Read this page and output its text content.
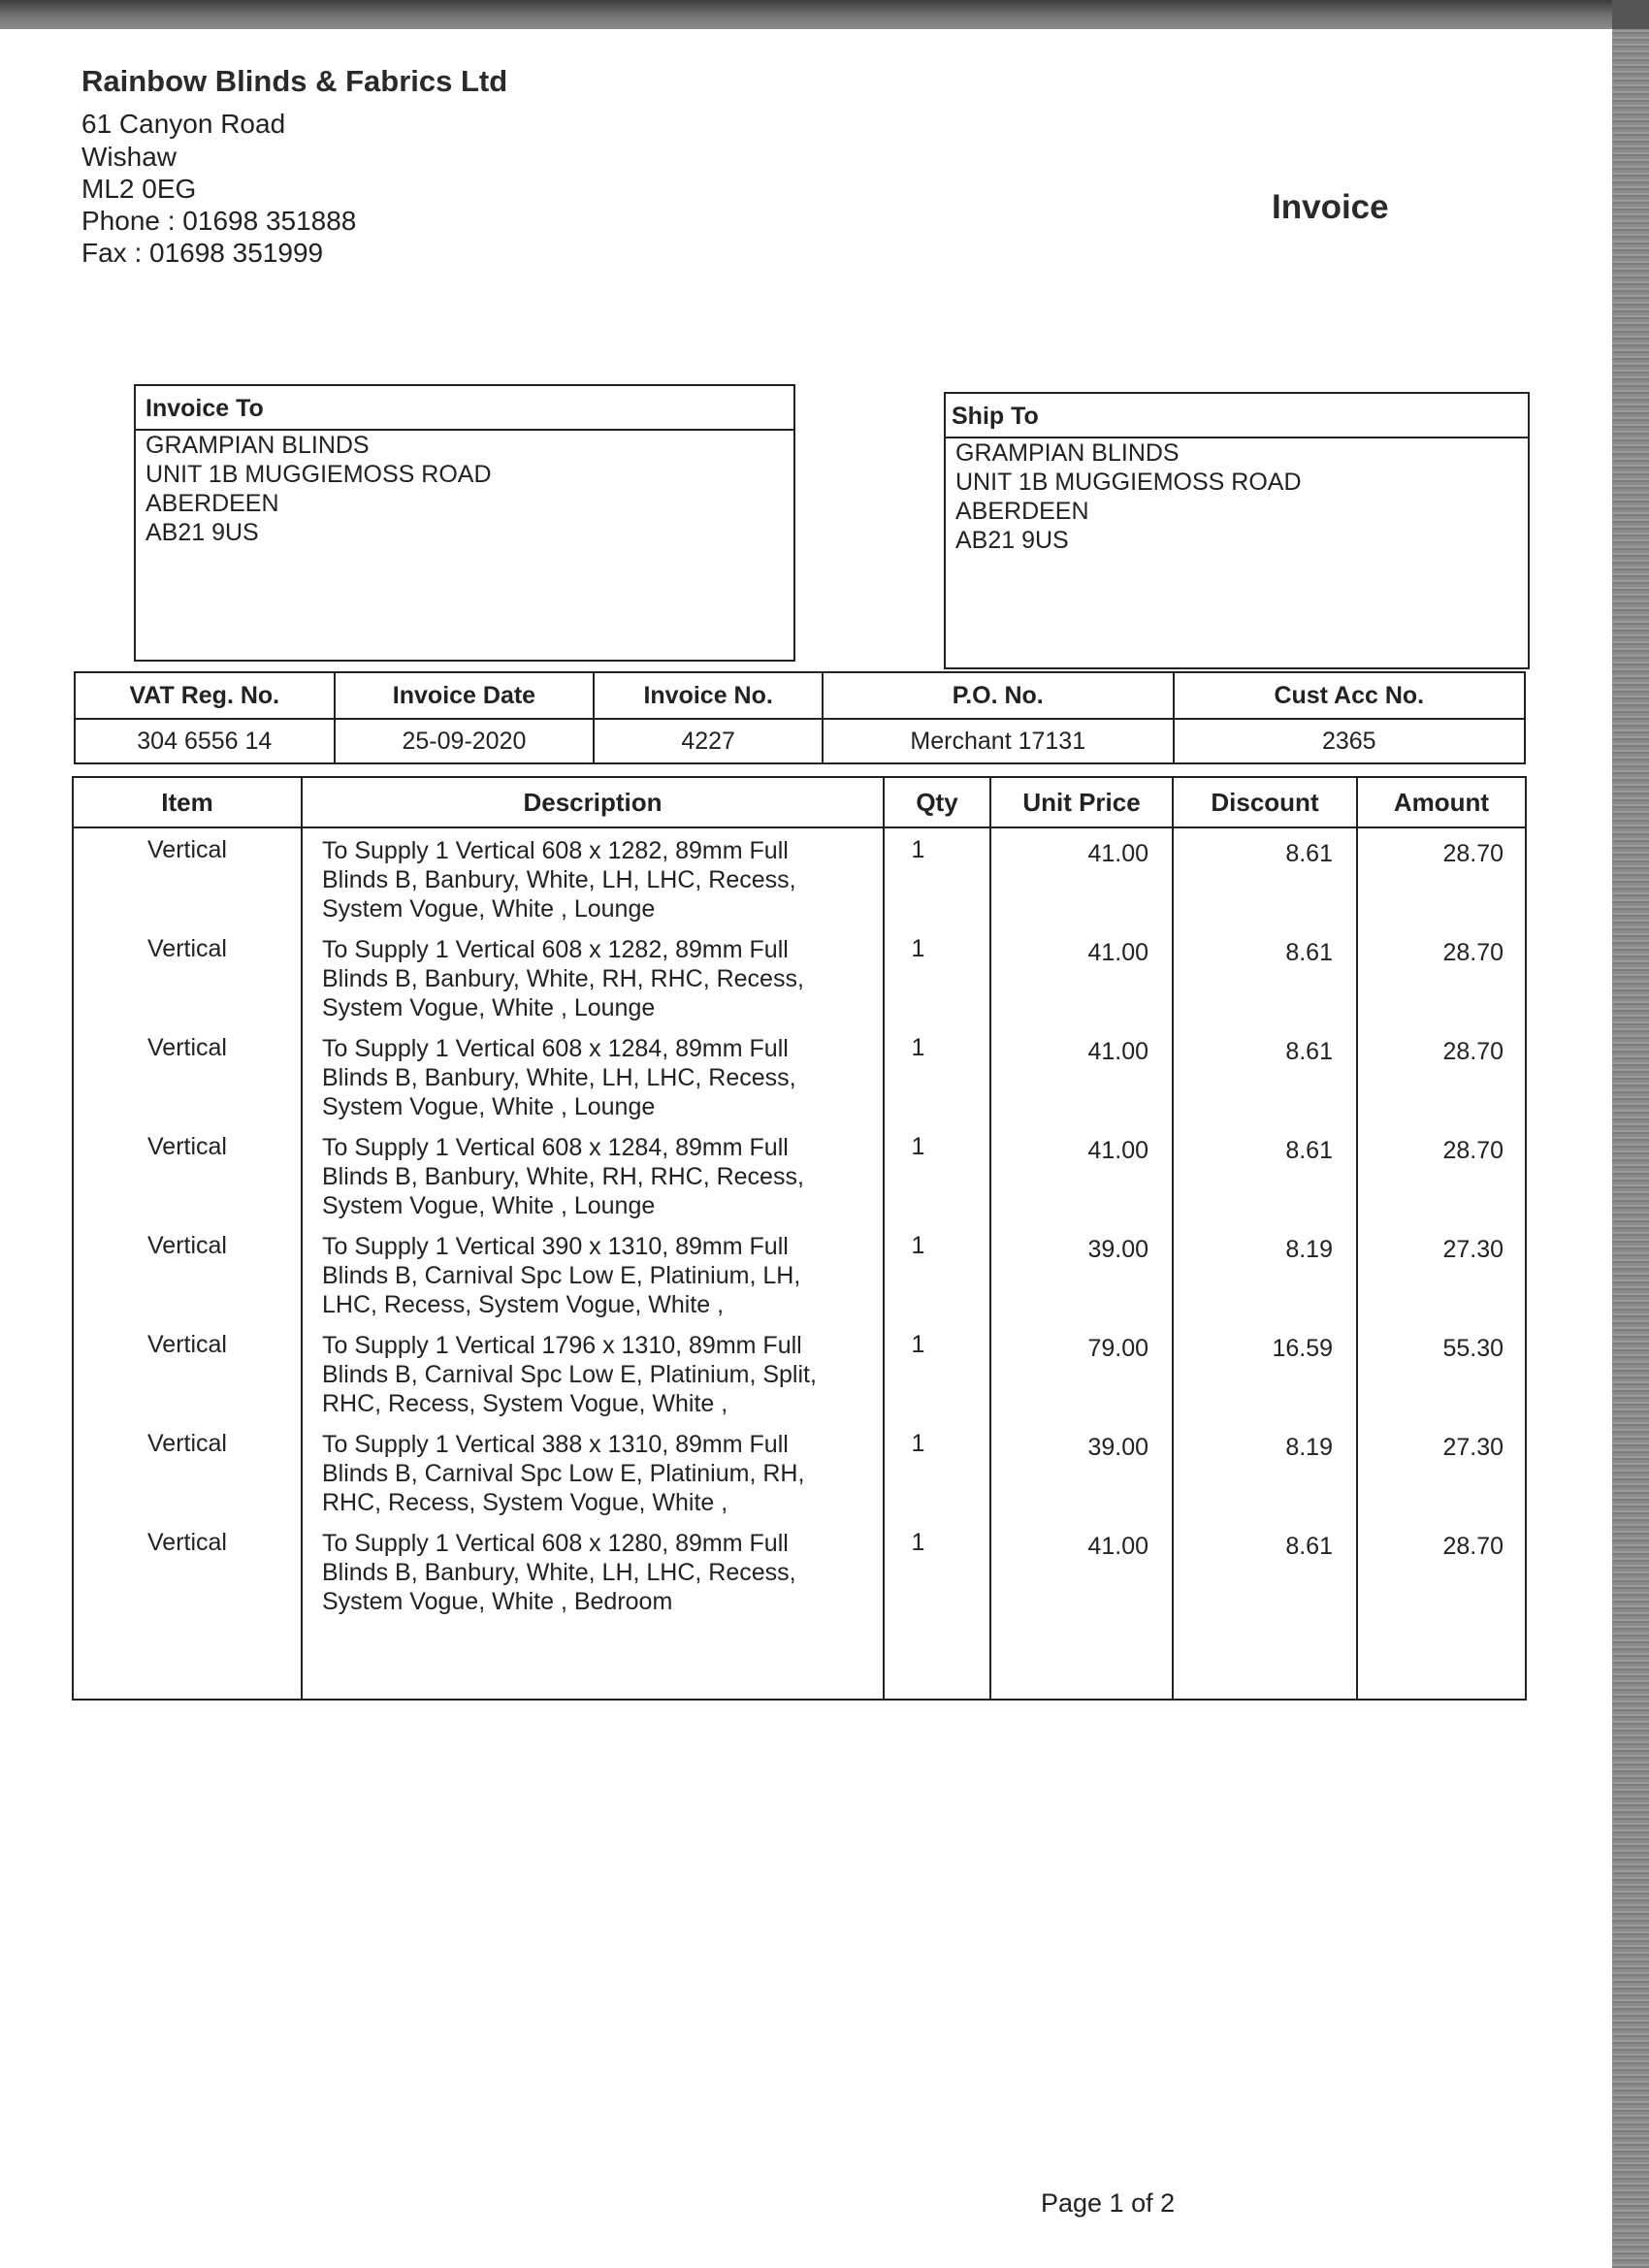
Rainbow Blinds & Fabrics Ltd
61 Canyon Road
Wishaw
ML2 0EG
Phone : 01698 351888
Fax : 01698 351999
Invoice
Invoice To
GRAMPIAN BLINDS
UNIT 1B MUGGIEMOSS ROAD
ABERDEEN
AB21 9US
Ship To
GRAMPIAN BLINDS
UNIT 1B MUGGIEMOSS ROAD
ABERDEEN
AB21 9US
VAT Reg. No.	Invoice Date	Invoice No.	P.O. No.	Cust Acc No.
304 6556 14	25-09-2020	4227	Merchant 17131	2365
Item	Description	Qty	Unit Price	Discount	Amount
Vertical	To Supply 1 Vertical 608 x 1282, 89mm Full
Blinds B, Banbury, White, LH, LHC, Recess,
System Vogue, White , Lounge	1	41.00	8.61	28.70
Vertical	To Supply 1 Vertical 608 x 1282, 89mm Full
Blinds B, Banbury, White, RH, RHC, Recess,
System Vogue, White , Lounge	1	41.00	8.61	28.70
Vertical	To Supply 1 Vertical 608 x 1284, 89mm Full
Blinds B, Banbury, White, LH, LHC, Recess,
System Vogue, White , Lounge	1	41.00	8.61	28.70
Vertical	To Supply 1 Vertical 608 x 1284, 89mm Full
Blinds B, Banbury, White, RH, RHC, Recess,
System Vogue, White , Lounge	1	41.00	8.61	28.70
Vertical	To Supply 1 Vertical 390 x 1310, 89mm Full
Blinds B, Carnival Spc Low E, Platinium, LH,
LHC, Recess, System Vogue, White ,	1	39.00	8.19	27.30
Vertical	To Supply 1 Vertical 1796 x 1310, 89mm Full
Blinds B, Carnival Spc Low E, Platinium, Split,
RHC, Recess, System Vogue, White ,	1	79.00	16.59	55.30
Vertical	To Supply 1 Vertical 388 x 1310, 89mm Full
Blinds B, Carnival Spc Low E, Platinium, RH,
RHC, Recess, System Vogue, White ,	1	39.00	8.19	27.30
Vertical	To Supply 1 Vertical 608 x 1280, 89mm Full
Blinds B, Banbury, White, LH, LHC, Recess,
System Vogue, White , Bedroom	1	41.00	8.61	28.70
Page 1 of 2
